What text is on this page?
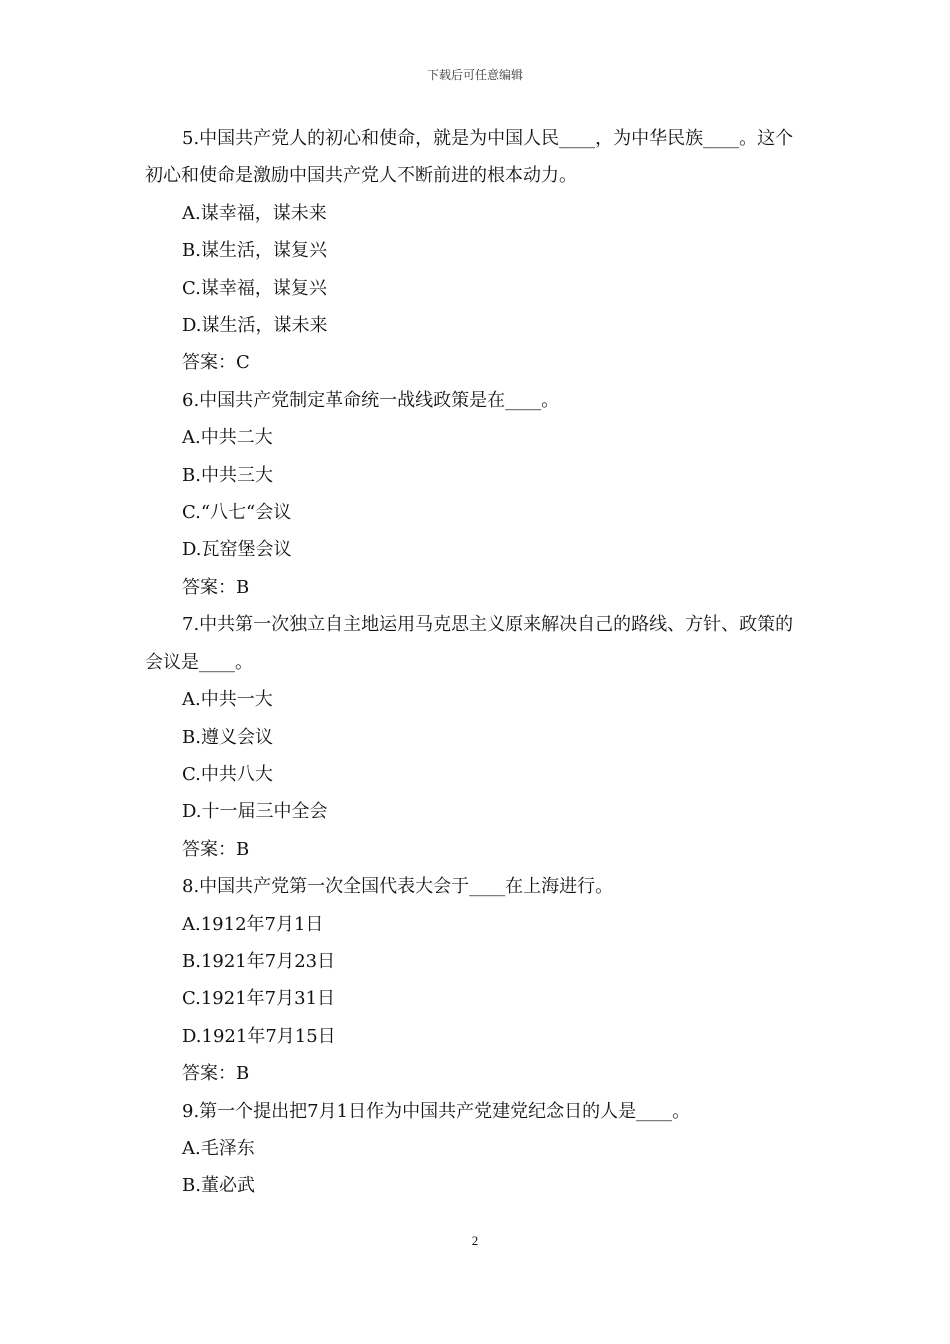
下载后可任意编辑
5.中国共产党人的初心和使命，就是为中国人民____，为中华民族____。这个初心和使命是激励中国共产党人不断前进的根本动力。
A.谋幸福，谋未来
B.谋生活，谋复兴
C.谋幸福，谋复兴
D.谋生活，谋未来
答案：C
6.中国共产党制定革命统一战线政策是在____。
A.中共二大
B.中共三大
C.“八七“会议
D.瓦窑堡会议
答案：B
7.中共第一次独立自主地运用马克思主义原来解决自己的路线、方针、政策的会议是____。
A.中共一大
B.遵义会议
C.中共八大
D.十一届三中全会
答案：B
8.中国共产党第一次全国代表大会于____在上海进行。
A.1912年7月1日
B.1921年7月23日
C.1921年7月31日
D.1921年7月15日
答案：B
9.第一个提出把7月1日作为中国共产党建党纪念日的人是____。
A.毛泽东
B.董必武
2
